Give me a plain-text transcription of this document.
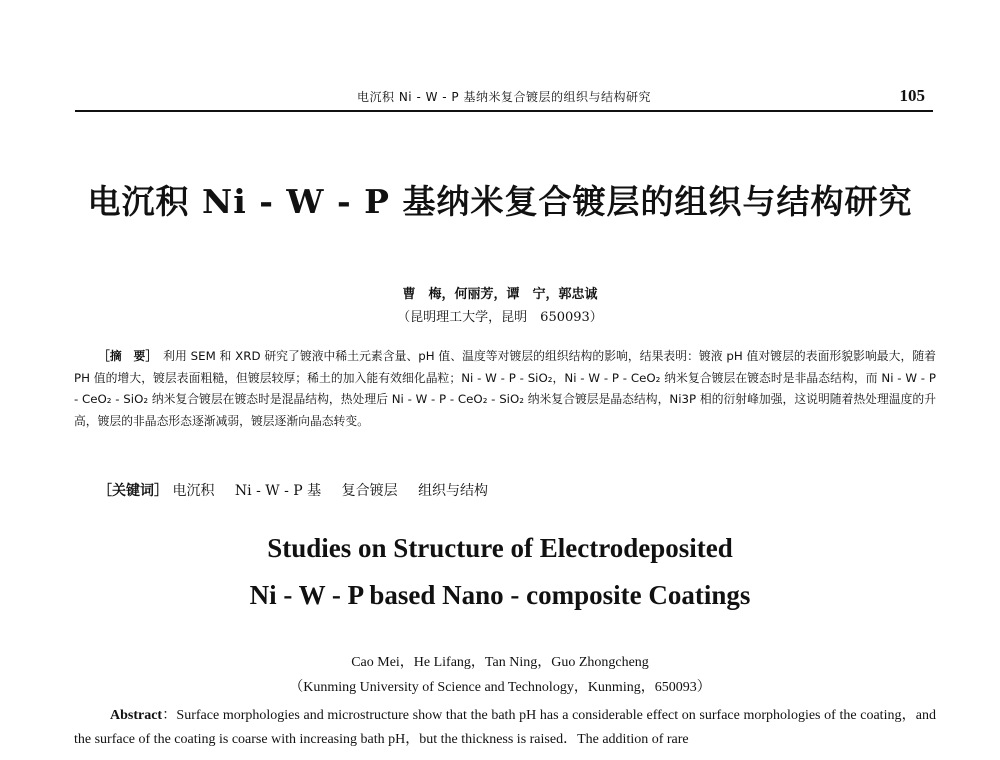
电沉积 Ni - W - P 基纳米复合镀层的组织与结构研究	105
电沉积 Ni - W - P 基纳米复合镀层的组织与结构研究
曹　梅，何丽芳，谭　宁，郭忠诚
（昆明理工大学，昆明　650093）
［摘　要］　 利用 SEM 和 XRD 研究了镀液中稀土元素含量、pH 值、温度等对镀层的组织结构的影响，结果表明：镀液 pH 值对镀层的表面形貌影响最大，随着 PH 值的增大，镀层表面粗糙，但镀层较厚；稀土的加入能有效细化晶粒；Ni - W - P - SiO₂，Ni - W - P - CeO₂ 纳米复合镀层在镀态时是非晶态结构，而 Ni - W - P - CeO₂ - SiO₂ 纳米复合镀层在镀态时是混晶结构，热处理后 Ni - W - P - CeO₂ - SiO₂ 纳米复合镀层是晶态结构，Ni3P 相的衍射峰加强，这说明随着热处理温度的升高，镀层的非晶态形态逐渐减弱，镀层逐渐向晶态转变。
［关键词］ 电沉积 Ni - W - P 基 复合镀层 组织与结构
Studies on Structure of Electrodeposited
Ni - W - P based Nano - composite Coatings
Cao Mei，He Lifang，Tan Ning，Guo Zhongcheng
（Kunming University of Science and Technology，Kunming，650093）
Abstract：Surface morphologies and microstructure show that the bath pH has a considerable effect on surface morphologies of the coating，and the surface of the coating is coarse with increasing bath pH，but the thickness is raised．The addition of rare
